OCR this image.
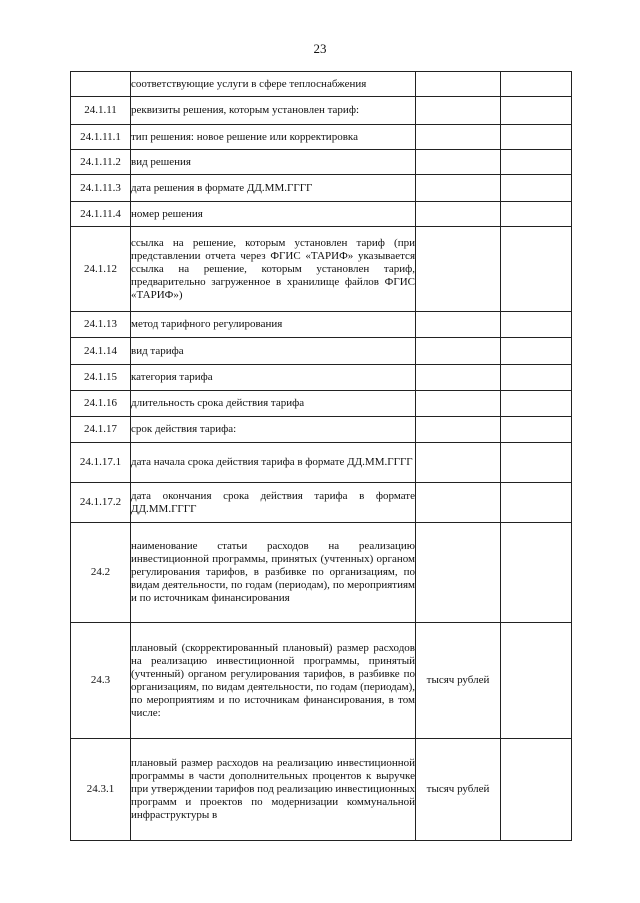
23
	соответствующие услуги в сфере теплоснабжения		
24.1.11	реквизиты решения, которым установлен тариф:		
24.1.11.1	тип решения: новое решение или корректировка		
24.1.11.2	вид решения		
24.1.11.3	дата решения в формате ДД.ММ.ГГГГ		
24.1.11.4	номер решения		
24.1.12	ссылка на решение, которым установлен тариф (при представлении отчета через ФГИС «ТАРИФ» указывается ссылка на решение, которым установлен тариф, предварительно загруженное в хранилище файлов ФГИС «ТАРИФ»)		
24.1.13	метод тарифного регулирования		
24.1.14	вид тарифа		
24.1.15	категория тарифа		
24.1.16	длительность срока действия тарифа		
24.1.17	срок действия тарифа:		
24.1.17.1	дата начала срока действия тарифа в формате ДД.ММ.ГГГГ		
24.1.17.2	дата окончания срока действия тарифа в формате ДД.ММ.ГГГГ		
24.2	наименование статьи расходов на реализацию инвестиционной программы, принятых (учтенных) органом регулирования тарифов, в разбивке по организациям, по видам деятельности, по годам (периодам), по мероприятиям и по источникам финансирования		
24.3	плановый (скорректированный плановый) размер расходов на реализацию инвестиционной программы, принятый (учтенный) органом регулирования тарифов, в разбивке по организациям, по видам деятельности, по годам (периодам), по мероприятиям и по источникам финансирования, в том числе:	тысяч рублей	
24.3.1	плановый размер расходов на реализацию инвестиционной программы в части дополнительных процентов к выручке при утверждении тарифов под реализацию инвестиционных программ и проектов по модернизации коммунальной инфраструктуры в	тысяч рублей	
